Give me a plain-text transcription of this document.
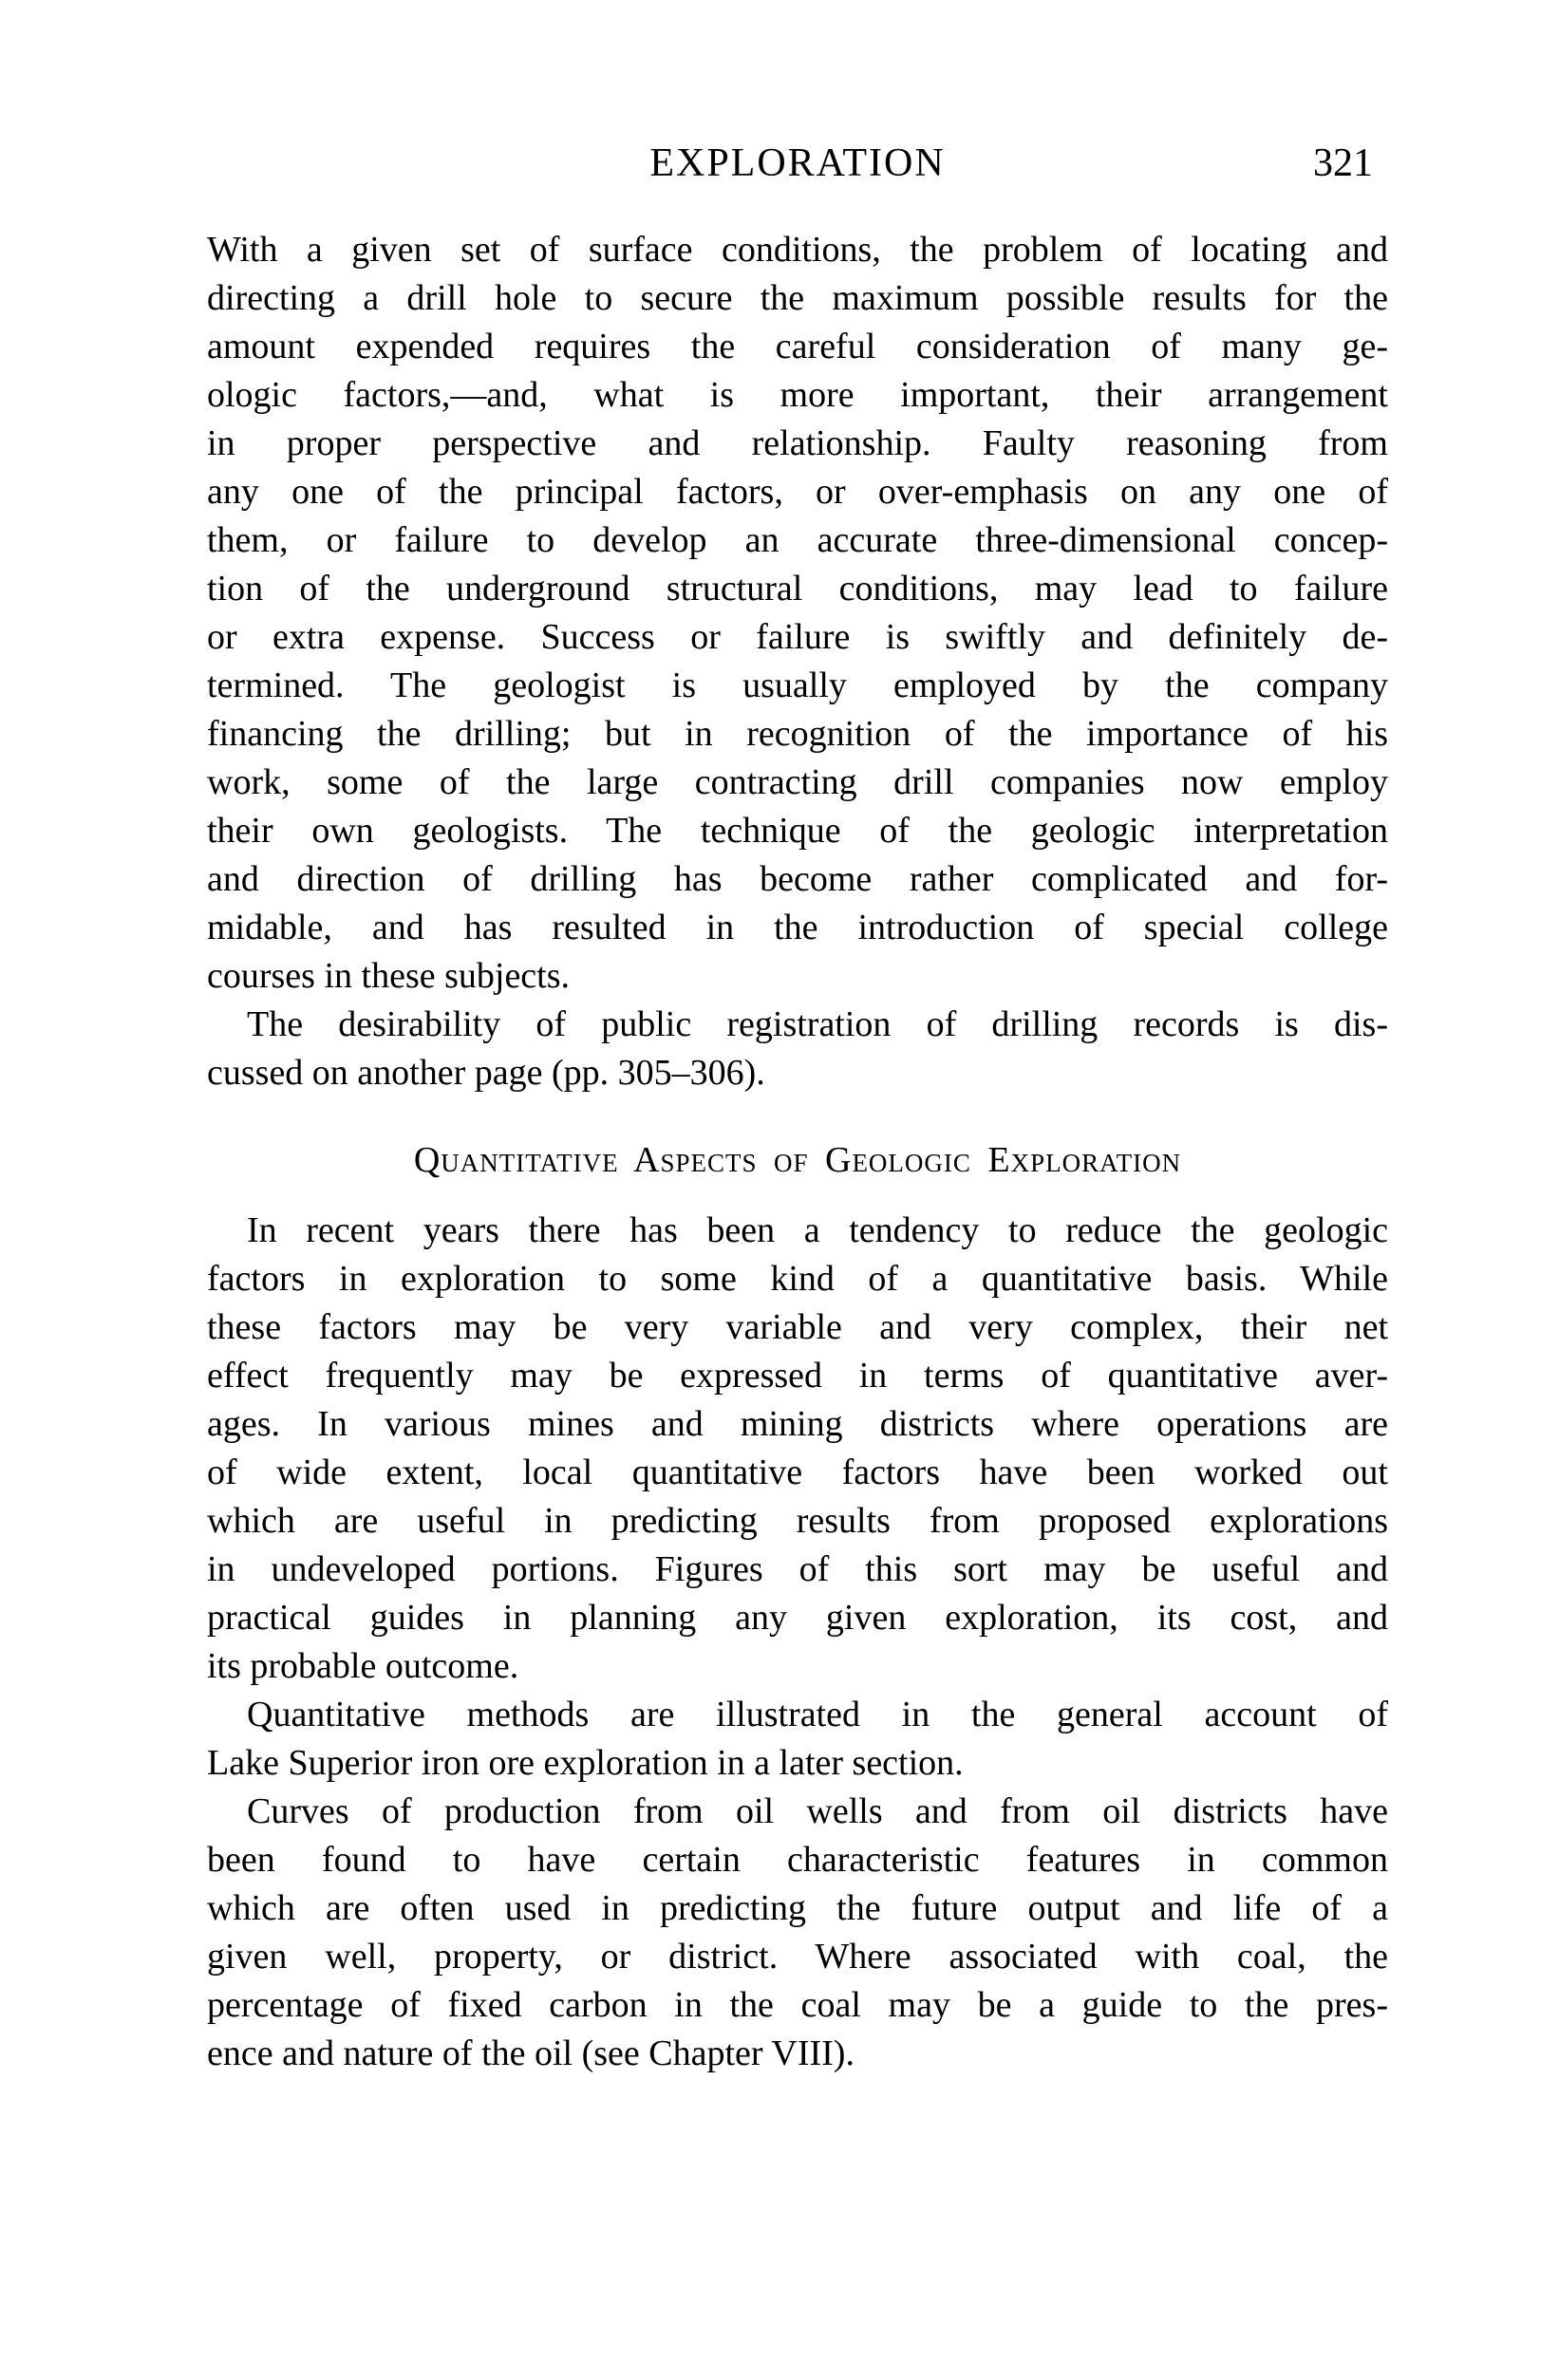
EXPLORATION	321
With a given set of surface conditions, the problem of locating and
directing a drill hole to secure the maximum possible results for the
amount expended requires the careful consideration of many ge-
ologic factors,—and, what is more important, their arrangement
in proper perspective and relationship. Faulty reasoning from
any one of the principal factors, or over-emphasis on any one of
them, or failure to develop an accurate three-dimensional concep-
tion of the underground structural conditions, may lead to failure
or extra expense. Success or failure is swiftly and definitely de-
termined. The geologist is usually employed by the company
financing the drilling; but in recognition of the importance of his
work, some of the large contracting drill companies now employ
their own geologists. The technique of the geologic interpretation
and direction of drilling has become rather complicated and for-
midable, and has resulted in the introduction of special college
courses in these subjects.
The desirability of public registration of drilling records is dis-
cussed on another page (pp. 305–306).
Quantitative Aspects of Geologic Exploration
In recent years there has been a tendency to reduce the geologic
factors in exploration to some kind of a quantitative basis. While
these factors may be very variable and very complex, their net
effect frequently may be expressed in terms of quantitative aver-
ages. In various mines and mining districts where operations are
of wide extent, local quantitative factors have been worked out
which are useful in predicting results from proposed explorations
in undeveloped portions. Figures of this sort may be useful and
practical guides in planning any given exploration, its cost, and
its probable outcome.
Quantitative methods are illustrated in the general account of
Lake Superior iron ore exploration in a later section.
Curves of production from oil wells and from oil districts have
been found to have certain characteristic features in common
which are often used in predicting the future output and life of a
given well, property, or district. Where associated with coal, the
percentage of fixed carbon in the coal may be a guide to the pres-
ence and nature of the oil (see Chapter VIII).
